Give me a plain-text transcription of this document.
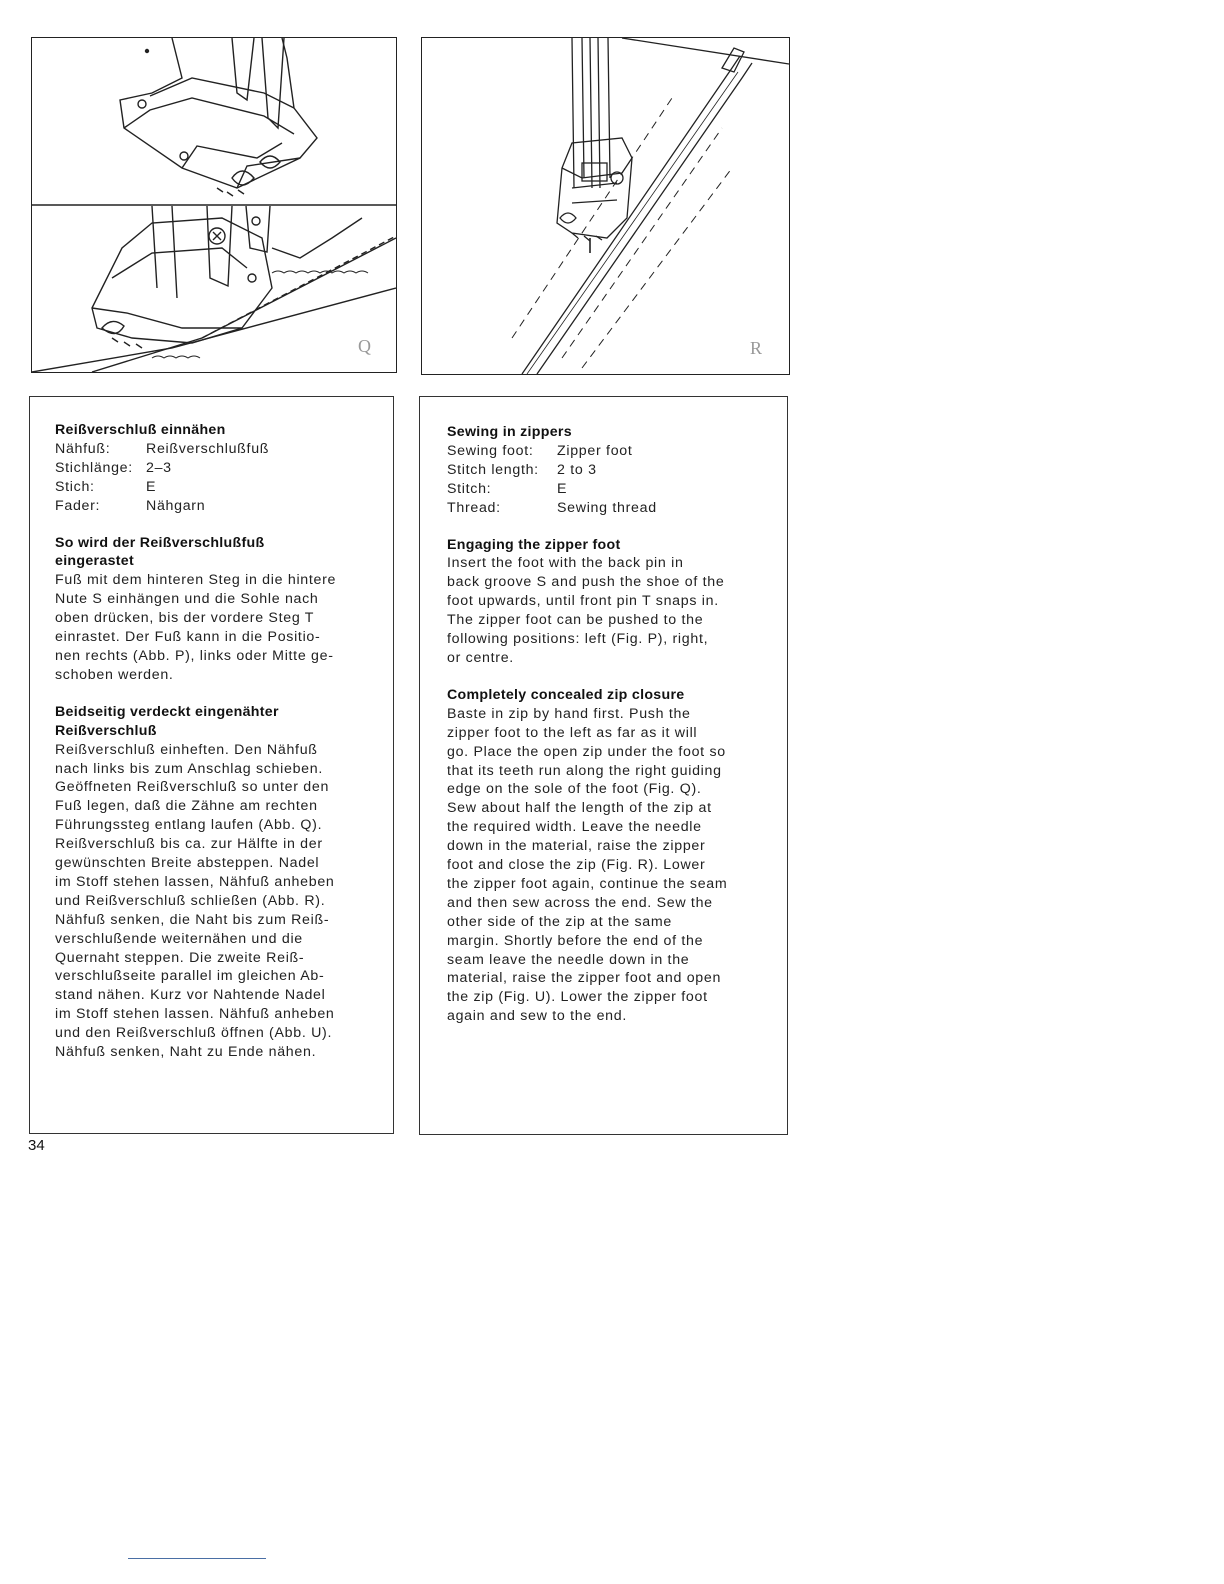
Q	R
Reißverschluß einnähen
Nähfuß:	Reißverschlußfuß
Stichlänge: 2–3
Stich:	E
Fader:	Nähgarn
So wird der Reißverschlußfuß
eingerastet

Fuß mit dem hinteren Steg in die hintere

Nute S einhängen und die Sohle nach

oben drücken, bis der vordere Steg T

einrastet. Der Fuß kann in die Positio-

nen rechts (Abb. P), links oder Mitte ge-

schoben werden.

Beidseitig verdeckt eingenähter
Reißverschluß

Reißverschluß einheften. Den Nähfuß

nach links bis zum Anschlag schieben.

Geöffneten Reißverschluß so unter den

Fuß legen, daß die Zähne am rechten

Führungssteg entlang laufen (Abb. Q).

Reißverschluß bis ca. zur Hälfte in der

gewünschten Breite absteppen. Nadel

im Stoff stehen lassen, Nähfuß anheben

und Reißverschluß schließen (Abb. R).

Nähfuß senken, die Naht bis zum Reiß-

verschlußende weiternähen und die

Quernaht steppen. Die zweite Reiß-

verschlußseite parallel im gleichen Ab-

stand nähen. Kurz vor Nahtende Nadel

im Stoff stehen lassen. Nähfuß anheben

und den Reißverschluß öffnen (Abb. U).

Nähfuß senken, Naht zu Ende nähen.

Sewing in zippers
Sewing foot:	Zipper foot
Stitch length:	2 to 3
Stitch:	E
Thread:	Sewing thread
Engaging the zipper foot

Insert the foot with the back pin in

back groove S and push the shoe of the

foot upwards, until front pin T snaps in.

The zipper foot can be pushed to the

following positions: left (Fig. P), right,

or centre.

Completely concealed zip closure

Baste in zip by hand first. Push the

zipper foot to the left as far as it will

go. Place the open zip under the foot so

that its teeth run along the right guiding

edge on the sole of the foot (Fig. Q).

Sew about half the length of the zip at

the required width. Leave the needle

down in the material, raise the zipper

foot and close the zip (Fig. R). Lower

the zipper foot again, continue the seam

and then sew across the end. Sew the

other side of the zip at the same

margin. Shortly before the end of the

seam leave the needle down in the

material, raise the zipper foot and open

the zip (Fig. U). Lower the zipper foot

again and sew to the end.

34
